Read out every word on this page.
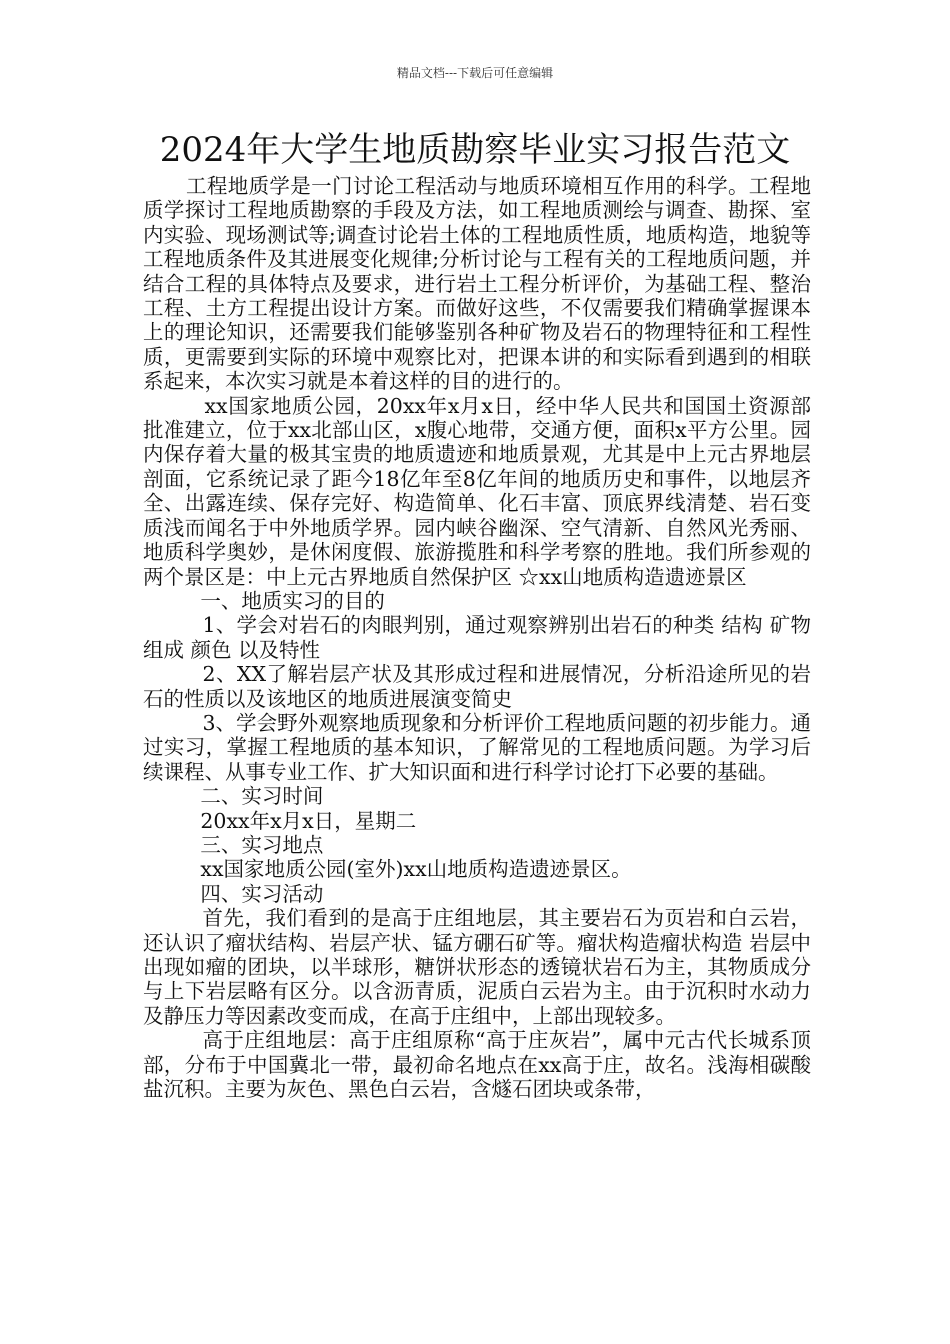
精品文档---下载后可任意编辑
2024年大学生地质勘察毕业实习报告范文

工程地质学是一门讨论工程活动与地质环境相互作用的科学。工程地质学探讨工程地质勘察的手段及方法，如工程地质测绘与调查、勘探、室内实验、现场测试等;调查讨论岩土体的工程地质性质，地质构造，地貌等工程地质条件及其进展变化规律;分析讨论与工程有关的工程地质问题，并结合工程的具体特点及要求，进行岩土工程分析评价，为基础工程、整治工程、土方工程提出设计方案。而做好这些，不仅需要我们精确掌握课本上的理论知识，还需要我们能够鉴别各种矿物及岩石的物理特征和工程性质，更需要到实际的环境中观察比对，把课本讲的和实际看到遇到的相联系起来，本次实习就是本着这样的目的进行的。

xx国家地质公园，20xx年x月x日，经中华人民共和国国土资源部批准建立，位于xx北部山区，x腹心地带，交通方便，面积x平方公里。园内保存着大量的极其宝贵的地质遗迹和地质景观，尤其是中上元古界地层剖面，它系统记录了距今18亿年至8亿年间的地质历史和事件，以地层齐全、出露连续、保存完好、构造简单、化石丰富、顶底界线清楚、岩石变质浅而闻名于中外地质学界。园内峡谷幽深、空气清新、自然风光秀丽、地质科学奥妙，是休闲度假、旅游揽胜和科学考察的胜地。我们所参观的两个景区是：中上元古界地质自然保护区 ☆xx山地质构造遗迹景区

一、地质实习的目的

1、学会对岩石的肉眼判别，通过观察辨别出岩石的种类 结构 矿物组成 颜色 以及特性

2、XX了解岩层产状及其形成过程和进展情况，分析沿途所见的岩石的性质以及该地区的地质进展演变简史

3、学会野外观察地质现象和分析评价工程地质问题的初步能力。通过实习，掌握工程地质的基本知识，了解常见的工程地质问题。为学习后续课程、从事专业工作、扩大知识面和进行科学讨论打下必要的基础。

二、实习时间

20xx年x月x日，星期二

三、实习地点

xx国家地质公园(室外)xx山地质构造遗迹景区。

四、实习活动

首先，我们看到的是高于庄组地层，其主要岩石为页岩和白云岩，还认识了瘤状结构、岩层产状、锰方硼石矿等。瘤状构造瘤状构造 岩层中出现如瘤的团块，以半球形，糖饼状形态的透镜状岩石为主，其物质成分与上下岩层略有区分。以含沥青质，泥质白云岩为主。由于沉积时水动力及静压力等因素改变而成，在高于庄组中，上部出现较多。

高于庄组地层：高于庄组原称“高于庄灰岩”，属中元古代长城系顶部，分布于中国冀北一带，最初命名地点在xx高于庄，故名。浅海相碳酸盐沉积。主要为灰色、黑色白云岩，含燧石团块或条带，
